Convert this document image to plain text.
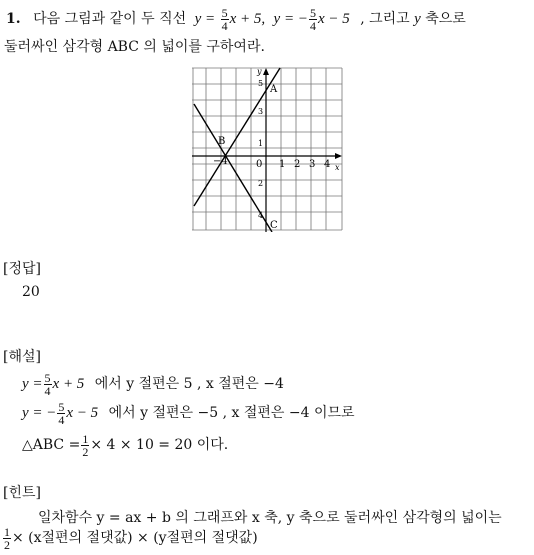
1. 다음 그림과 같이 두 직선 $y = \frac{5}{4}$ x + 5, y = − $\frac{5}{4}$ x − 5 , 그리고 y 축으로
둘러싸인 삼각형 ABC 의 넓이를 구하여라.
−4	0 1 2 3 4 x
y
5
3
1
2
4
A
B
C
[정답]
20
[해설]
$y = \frac{5}{4}$ x + 5 에서 y 절편은 5 , x 절편은 −4
y = − $\frac{5}{4}$ x − 5 에서 y 절편은 −5 , x 절편은 −4 이므로
△ABC = $\frac{1}{2} \times 4 \times 10 = 20$ 이다.
[힌트]
일차함수 y = ax + b 의 그래프와 x 축, y 축으로 둘러싸인 삼각형의 넓이는
$\frac{1}{2} \times (x$절편의 절댓값) × (y절편의 절댓값)
